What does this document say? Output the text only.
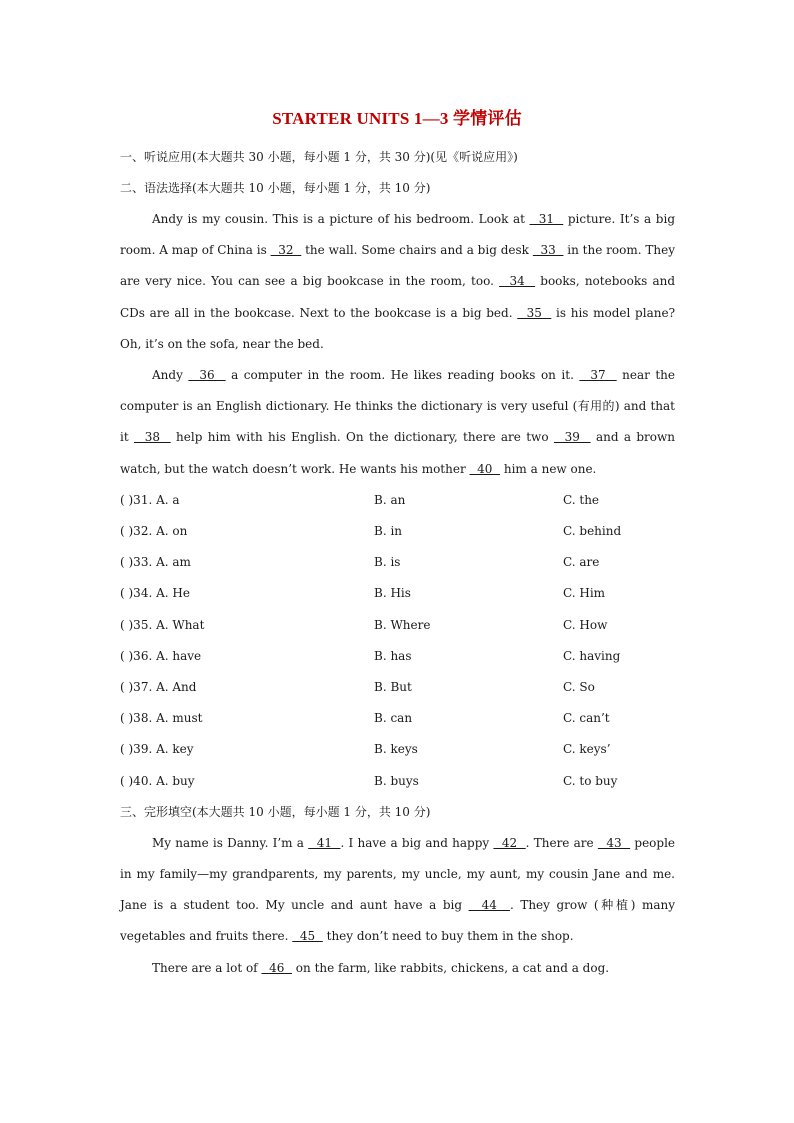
STARTER UNITS 1—3 学情评估
一、听说应用(本大题共 30 小题，每小题 1 分，共 30 分)(见《听说应用》)
二、语法选择(本大题共 10 小题，每小题 1 分，共 10 分)

Andy is my cousin. This is a picture of his bedroom. Look at   31   picture. It’s a big room. A map of China is   32   the wall. Some chairs and a big desk   33   in the room. They are very nice. You can see a big bookcase in the room, too.   34   books, notebooks and CDs are all in the bookcase. Next to the bookcase is a big bed.   35   is his model plane? Oh, it’s on the sofa, near the bed.

Andy   36   a computer in the room. He likes reading books on it.   37   near the computer is an English dictionary. He thinks the dictionary is very useful (有用的) and that it   38   help him with his English. On the dictionary, there are two   39   and a brown watch, but the watch doesn’t work. He wants his mother   40   him a new one.

( )31. A. a	B. an	C. the
( )32. A. on	B. in	C. behind
( )33. A. am	B. is	C. are
( )34. A. He	B. His	C. Him
( )35. A. What	B. Where	C. How
( )36. A. have	B. has	C. having
( )37. A. And	B. But	C. So
( )38. A. must	B. can	C. can’t
( )39. A. key	B. keys	C. keys’
( )40. A. buy	B. buys	C. to buy
三、完形填空(本大题共 10 小题，每小题 1 分，共 10 分)

My name is Danny. I’m a   41  . I have a big and happy   42  . There are   43   people in my family—my grandparents, my parents, my uncle, my aunt, my cousin Jane and me. Jane is a student too. My uncle and aunt have a big   44  . They grow (种植) many vegetables and fruits there.   45   they don’t need to buy them in the shop.

There are a lot of   46   on the farm, like rabbits, chickens, a cat and a dog.
